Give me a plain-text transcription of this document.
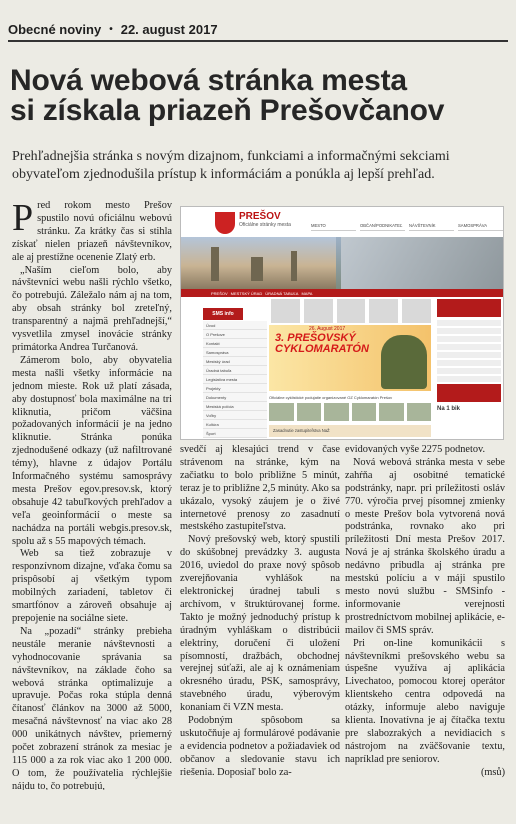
Obecné noviny • 22. august 2017
Nová webová stránka mesta
si získala priazeň Prešovčanov

Prehľadnejšia stránka s novým dizajnom, funkciami a informačnými sekciami obyvateľom zjednodušila prístup k informáciám a ponúkla aj lepší prehľad.

Pred rokom mesto Prešov spustilo novú oficiálnu webovú stránku. Za krátky čas si stihla získať nielen priazeň návštevníkov, ale aj prestížne ocenenie Zlatý erb.

„Naším cieľom bolo, aby návštevníci webu našli rýchlo všetko, čo potrebujú. Záležalo nám aj na tom, aby obsah stránky bol zreteľný, transparentný a najmä prehľadnejší,“ vysvetlila zmysel inovácie stránky primátorka Andrea Turčanová.

Zámerom bolo, aby obyvatelia mesta našli všetky informácie na jednom mieste. Rok už platí zásada, aby dostupnosť bola maximálne na tri kliknutia, pričom väčšina požadovaných informácií je na jedno kliknutie. Stránka ponúka zjednodušené odkazy (už nafiltrované témy), hlavne z údajov Portálu Informačného systému samosprávy mesta Prešov egov.presov.sk, ktorý obsahuje 42 tabuľkových prehľadov a veľa geoinformácií o meste sa nachádza na portáli webgis.presov.sk, spolu až s 55 mapových témach.

Web sa tiež zobrazuje v responzívnom dizajne, vďaka čomu sa prispôsobí aj všetkým typom mobilných zariadení, tabletov či smartfónov a zároveň obsahuje aj prepojenie na sociálne siete.

Na „pozadí“ stránky prebieha neustále meranie návštevnosti a vyhodnocovanie správania sa návštevníkov, na základe čoho sa webová stránka optimalizuje a upravuje. Počas roka stúpla denná čítanosť článkov na 3000 až 5000, mesačná návštevnosť na viac ako 28 000 unikátnych návštev, priemerný počet zobrazení stránok za mesiac je 115 000 a za rok viac ako 1 200 000. O tom, že používatelia rýchlejšie nájdu to, čo potrebujú,

PREŠOV
Oficiálne stránky mesta	MESTO	OBČAN/PODNIKATEĽ	NÁVŠTEVNÍK	SAMOSPRÁVA
PREŠOV MESTSKÝ ÚRAD ÚRADNÁ TABUĽA MAPA
SMS info
Úvod
O Prešove
Kontakt
Samospráva
Mestský úrad
Úradná tabuľa
Legislatíva mesta
Projekty
Dokumenty
Mestská polícia
Voľby
Kultúra
Šport
26. August 2017
3. PREŠOVSKÝ CYKLOMARATÓN
Oficiálne cyklistické podujatie organizované OZ Cyklomaratón Prešov
Zasadnutie zastupiteľstva NaŽ
Na 1 bik

svedčí aj klesajúci trend v čase strávenom na stránke, kým na začiatku to bolo približne 5 minút, teraz je to približne 2,5 minúty. Ako sa ukázalo, vysoký záujem je o živé internetové prenosy zo zasadnutí mestského zastupiteľstva.

Nový prešovský web, ktorý spustili do skúšobnej prevádzky 3. augusta 2016, uviedol do praxe nový spôsob zverejňovania vyhlášok na elektronickej úradnej tabuli s archívom, v štruktúrovanej forme. Takto je možný jednoduchý prístup k úradným vyhláškam o distribúcii elektriny, doručení či uložení písomností, dražbách, obchodnej verejnej súťaži, ale aj k oznámeniam okresného úradu, PSK, samosprávy, stavebného úradu, výberovým konaniam či VZN mesta.

Podobným spôsobom sa uskutočňuje aj formulárové podávanie a evidencia podnetov a požiadaviek od občanov a sledovanie stavu ich riešenia. Doposiaľ bolo za-

evidovaných vyše 2275 podnetov.

Nová webová stránka mesta v sebe zahŕňa aj osobitné tematické podstránky, napr. pri príležitosti osláv 770. výročia prvej písomnej zmienky o meste Prešov bola vytvorená nová podstránka, rovnako ako pri príležitosti Dní mesta Prešov 2017. Nová je aj stránka školského úradu a nedávno pribudla aj stránka pre mestskú políciu a v máji spustilo mesto novú službu - SMSinfo - informovanie verejnosti prostredníctvom mobilnej aplikácie, e-mailov či SMS správ.

Pri on-line komunikácii s návštevníkmi prešovského webu sa úspešne využíva aj aplikácia Livechatoo, pomocou ktorej operátor klientskeho centra odpovedá na otázky, informuje alebo naviguje klienta. Inovatívna je aj čítačka textu pre slabozrakých a nevidiacich s nástrojom na zväčšovanie textu, napríklad pre seniorov.

(msů)
